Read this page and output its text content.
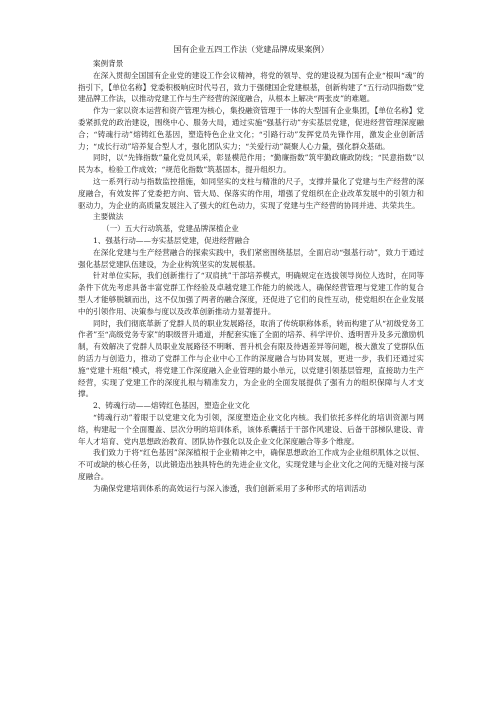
国有企业五四工作法（党建品牌成果案例）
案例背景

在深入贯彻全国国有企业党的建设工作会议精神，将党的领导、党的建设视为国有企业“根叫“魂”的指引下，【单位名称】党委积极响应时代号召，致力于强健国企党建根基，创新构建了“五行动四指数”党建品牌工作法，以推动党建工作与生产经营的深度融合，从根本上解决“两张皮”的难题。

作为一家以资本运营和资产管理为核心，集投融资管理于一体的大型国有企业集团，【单位名称】党委紧抓党的政治建设，围绕中心、服务大局，通过实施“强基行动”夯实基层党建，促进经营管理深度融合；“铸魂行动”熔铸红色基因，塑造特色企业文化；“引路行动”发挥党员先锋作用，激发企业创新活力；“成长行动”培养复合型人才，强化团队实力；“关爱行动”凝聚人心力量，强化群众基础。

同时，以“先锋指数”量化党员风采，彰显模范作用；“勤廉指数”筑牢勤政廉政防线；“民意指数”以民为本，检验工作成效；“规范化指数”筑基固本，提升组织力。

这一系列行动与指数监控措施，如同坚实的支柱与精准的尺子，支撑并量化了党建与生产经营的深度融合，有效发挥了党委把方向、管大局、保落实的作用，增强了党组织在企业改革发展中的引领力和驱动力，为企业的高质量发展注入了强大的红色动力，实现了党建与生产经营的协同并进、共荣共生。

主要做法
（一）五大行动筑基，党建品牌深植企业
1、强基行动——夯实基层党建，促进经营融合

在深化党建与生产经营融合的探索实践中，我们紧密围绕基层，全面启动“强基行动”，致力于通过强化基层党建队伍建设，为企业构筑坚实的发展根基。

针对单位实际，我们创新推行了“双肩挑”干部培养模式，明确规定在选拔领导岗位人选时，在同等条件下优先考虑具备丰富党群工作经验及卓越党建工作能力的候选人，确保经营管理与党建工作的复合型人才能够脱颖而出，这不仅加强了两者的融合深度，还促进了它们的良性互动，使党组织在企业发展中的引领作用、决策参与度以及改革创新推动力显著提升。

同时，我们彻底革新了党群人员的职业发展路径，取消了传统职称体系，转而构建了从“初级党务工作者”至“高级党务专家”的职级晋升通道，并配套实施了全面的培养、科学评价、透明晋升及多元激励机制，有效解决了党群人员职业发展路径不明晰、晋升机会有限及待遇差异等问题，极大激发了党群队伍的活力与创造力，推动了党群工作与企业中心工作的深度融合与协同发展，更进一步，我们还通过实施“党建十班组”模式，将党建工作深度融入企业管理的最小单元，以党建引领基层管理，直接助力生产经营，实现了党建工作的深度扎根与精准发力，为企业的全面发展提供了强有力的组织保障与人才支撑。

2、铸魂行动——熔铸红色基因，塑造企业文化

“铸魂行动”着眼于以党建文化为引领，深度塑造企业文化内核。我们依托多样化的培训资源与网络，构建起一个全面覆盖、层次分明的培训体系，该体系囊括于干部作风建设、后备干部梯队建设、青年人才培育、党内思想政治教育、团队协作强化以及企业文化深度融合等多个维度。

我们致力于将“红色基因”深深植根于企业精神之中，确保思想政治工作成为企业组织肌体之以恒、不可或缺的核心任务，以此锻造出独具特色的先进企业文化，实现党建与企业文化之间的无缝对接与深度融合。

为确保党建培训体系的高效运行与深入渗透，我们创新采用了多种形式的培训活动
